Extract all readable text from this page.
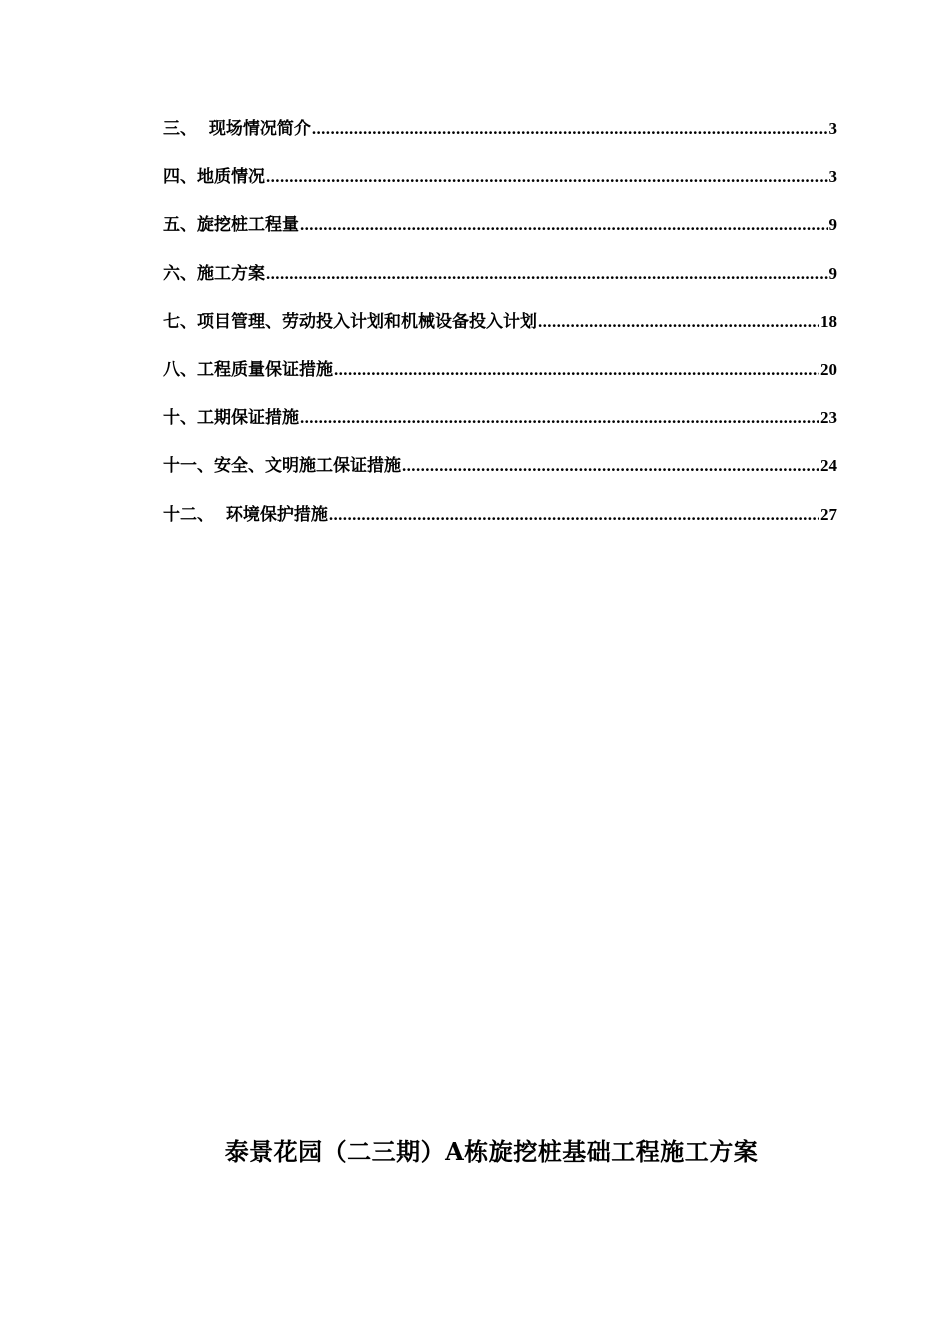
三、  现场情况简介 .....	3
四、地质情况 .....	3
五、旋挖桩工程量 .....	9
六、施工方案 .....	9
七、项目管理、劳动投入计划和机械设备投入计划 .....	18
八、工程质量保证措施 .....	20
十、工期保证措施 .....	23
十一、安全、文明施工保证措施 .....	24
十二、  环境保护措施 .....	27
泰景花园（二三期）A栋旋挖桩基础工程施工方案
